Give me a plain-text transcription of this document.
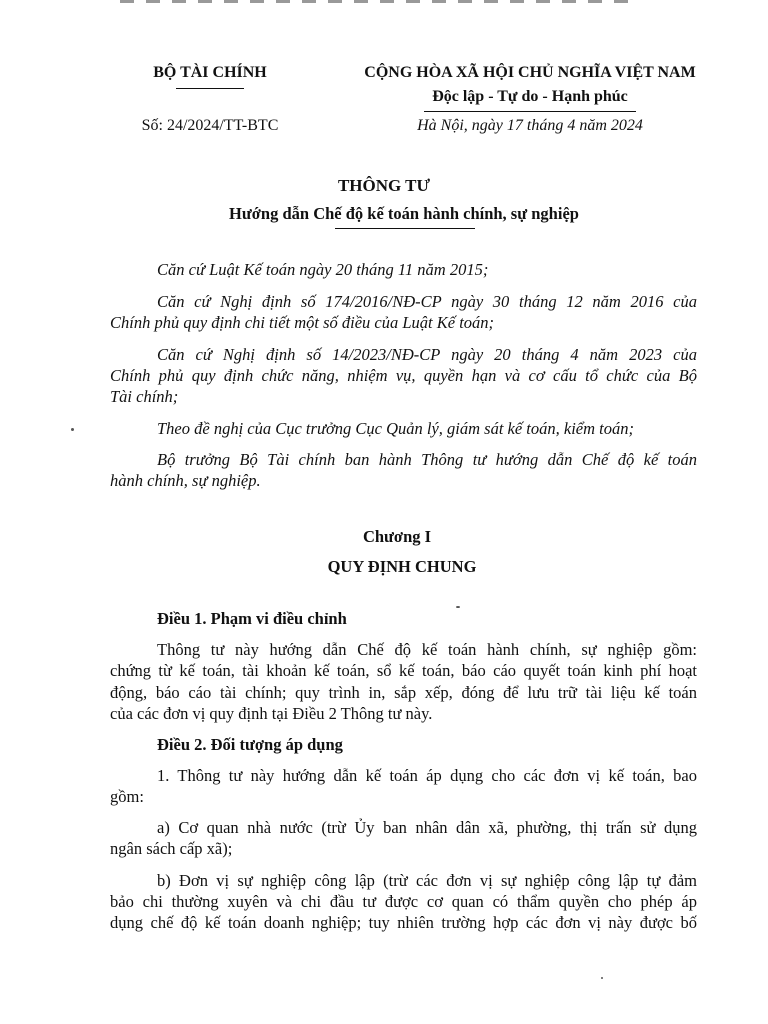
BỘ TÀI CHÍNH
Số: 24/2024/TT-BTC
CỘNG HÒA XÃ HỘI CHỦ NGHĨA VIỆT NAM
Độc lập - Tự do - Hạnh phúc
Hà Nội, ngày 17 tháng 4 năm 2024
THÔNG TƯ
Hướng dẫn Chế độ kế toán hành chính, sự nghiệp
Căn cứ Luật Kế toán ngày 20 tháng 11 năm 2015;
Căn cứ Nghị định số 174/2016/NĐ-CP ngày 30 tháng 12 năm 2016 của
Chính phủ quy định chi tiết một số điều của Luật Kế toán;
Căn cứ Nghị định số 14/2023/NĐ-CP ngày 20 tháng 4 năm 2023 của
Chính phủ quy định chức năng, nhiệm vụ, quyền hạn và cơ cấu tổ chức của Bộ
Tài chính;
Theo đề nghị của Cục trưởng Cục Quản lý, giám sát kế toán, kiểm toán;
Bộ trưởng Bộ Tài chính ban hành Thông tư hướng dẫn Chế độ kế toán
hành chính, sự nghiệp.
Chương I
QUY ĐỊNH CHUNG
Điều 1. Phạm vi điều chỉnh
Thông tư này hướng dẫn Chế độ kế toán hành chính, sự nghiệp gồm:
chứng từ kế toán, tài khoản kế toán, sổ kế toán, báo cáo quyết toán kinh phí hoạt
động, báo cáo tài chính; quy trình in, sắp xếp, đóng để lưu trữ tài liệu kế toán
của các đơn vị quy định tại Điều 2 Thông tư này.
Điều 2. Đối tượng áp dụng
1. Thông tư này hướng dẫn kế toán áp dụng cho các đơn vị kế toán, bao
gồm:
a) Cơ quan nhà nước (trừ Ủy ban nhân dân xã, phường, thị trấn sử dụng
ngân sách cấp xã);
b) Đơn vị sự nghiệp công lập (trừ các đơn vị sự nghiệp công lập tự đảm
bảo chi thường xuyên và chi đầu tư được cơ quan có thẩm quyền cho phép áp
dụng chế độ kế toán doanh nghiệp; tuy nhiên trường hợp các đơn vị này được bố
